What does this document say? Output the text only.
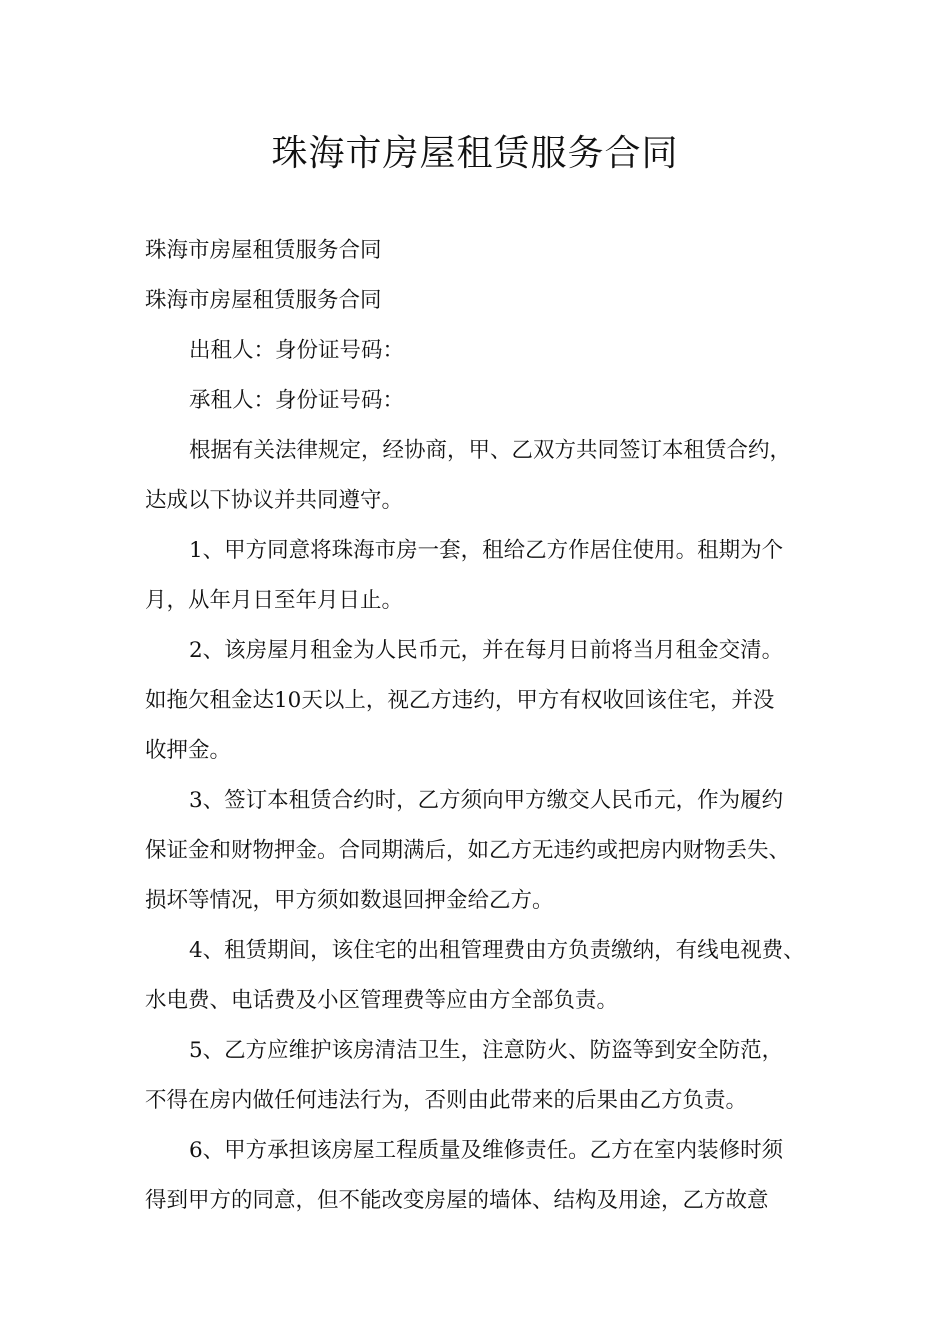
珠海市房屋租赁服务合同

珠海市房屋租赁服务合同

珠海市房屋租赁服务合同

出租人：身份证号码：

承租人：身份证号码：

根据有关法律规定，经协商，甲、乙双方共同签订本租赁合约，
达成以下协议并共同遵守。

1、甲方同意将珠海市房一套，租给乙方作居住使用。租期为个
月，从年月日至年月日止。

2、该房屋月租金为人民币元，并在每月日前将当月租金交清。
如拖欠租金达10天以上，视乙方违约，甲方有权收回该住宅，并没
收押金。

3、签订本租赁合约时，乙方须向甲方缴交人民币元，作为履约
保证金和财物押金。合同期满后，如乙方无违约或把房内财物丢失、
损坏等情况，甲方须如数退回押金给乙方。

4、租赁期间，该住宅的出租管理费由方负责缴纳，有线电视费、
水电费、电话费及小区管理费等应由方全部负责。

5、乙方应维护该房清洁卫生，注意防火、防盗等到安全防范，
不得在房内做任何违法行为，否则由此带来的后果由乙方负责。

6、甲方承担该房屋工程质量及维修责任。乙方在室内装修时须
得到甲方的同意，但不能改变房屋的墙体、结构及用途，乙方故意
